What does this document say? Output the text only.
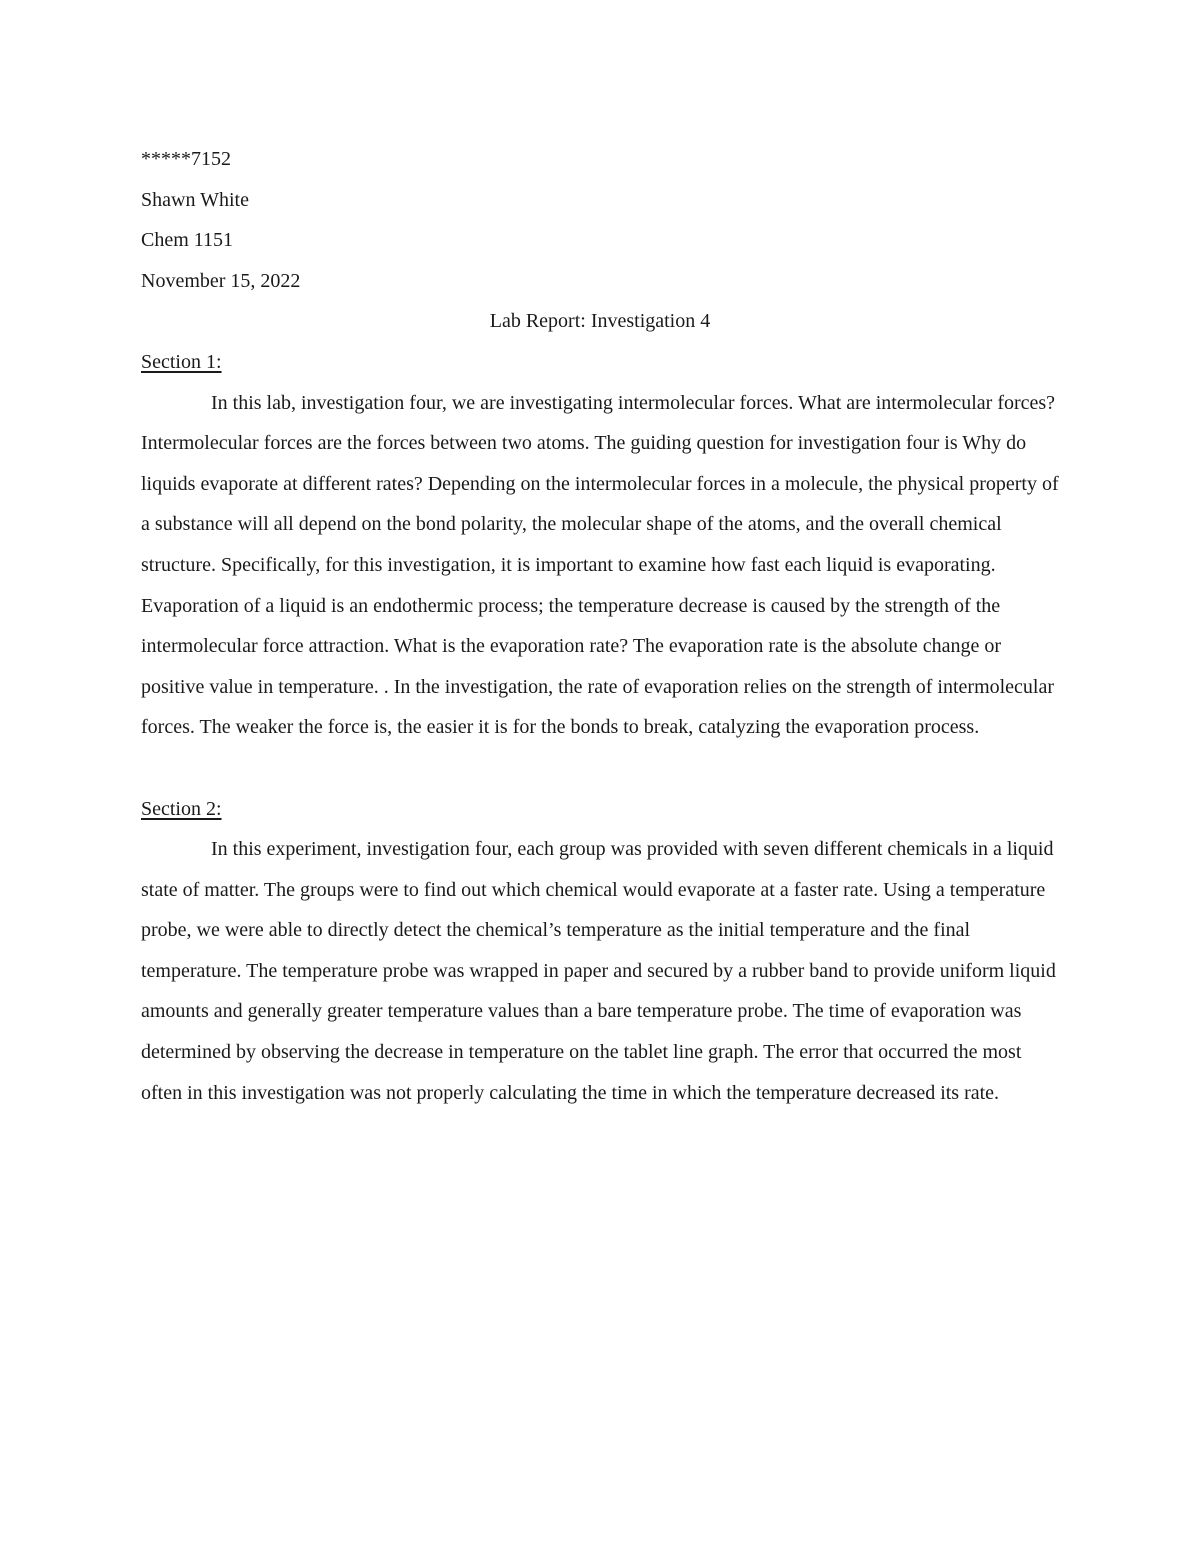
*****7152
Shawn White
Chem 1151
November 15, 2022
Lab Report: Investigation 4
Section 1:

In this lab, investigation four, we are investigating intermolecular forces. What are intermolecular forces? Intermolecular forces are the forces between two atoms. The guiding question for investigation four is Why do liquids evaporate at different rates? Depending on the intermolecular forces in a molecule, the physical property of a substance will all depend on the bond polarity, the molecular shape of the atoms, and the overall chemical structure. Specifically, for this investigation, it is important to examine how fast each liquid is evaporating. Evaporation of a liquid is an endothermic process; the temperature decrease is caused by the strength of the intermolecular force attraction. What is the evaporation rate? The evaporation rate is the absolute change or positive value in temperature. . In the investigation, the rate of evaporation relies on the strength of intermolecular forces. The weaker the force is, the easier it is for the bonds to break, catalyzing the evaporation process.

Section 2:

In this experiment, investigation four, each group was provided with seven different chemicals in a liquid state of matter. The groups were to find out which chemical would evaporate at a faster rate. Using a temperature probe, we were able to directly detect the chemical’s temperature as the initial temperature and the final temperature. The temperature probe was wrapped in paper and secured by a rubber band to provide uniform liquid amounts and generally greater temperature values than a bare temperature probe. The time of evaporation was determined by observing the decrease in temperature on the tablet line graph. The error that occurred the most often in this investigation was not properly calculating the time in which the temperature decreased its rate.
